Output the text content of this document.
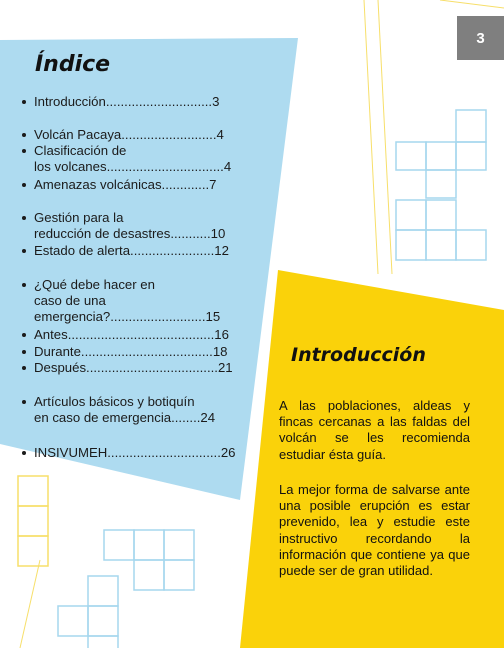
3
Índice
Introducción.............................3
Volcán Pacaya..........................4
Clasificación de
los volcanes................................4
Amenazas volcánicas.............7
Gestión para la
reducción de desastres...........10
Estado de alerta.......................12
¿Qué debe hacer en
caso de una
emergencia?..........................15
Antes........................................16
Durante....................................18
Después....................................21
Artículos básicos y botiquín
en caso de emergencia........24
INSIVUMEH...............................26
Introducción

A las poblaciones, aldeas y fincas cercanas a las faldas del volcán se les recomienda estudiar ésta guía.

La mejor forma de salvarse ante una posible erupción es estar prevenido, lea y estudie este instructivo recordando la información que contiene ya que puede ser de gran utilidad.
